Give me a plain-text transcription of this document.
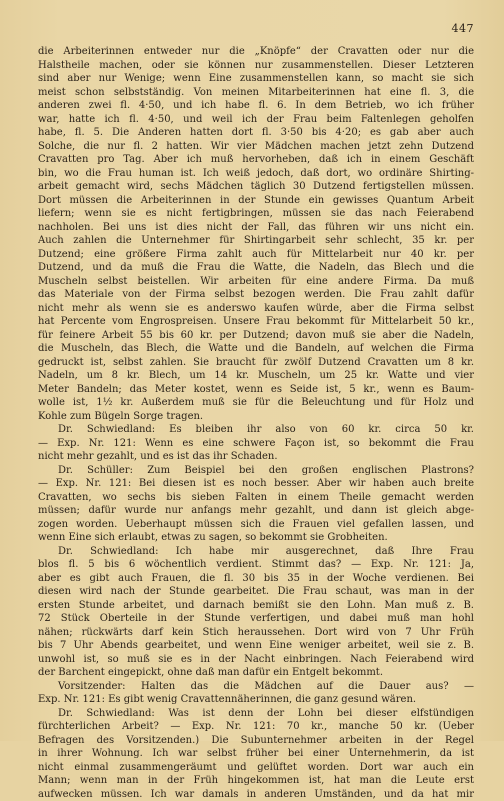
447
die Arbeiterinnen entweder nur die „Knöpfe“ der Cravatten oder nur die
Halstheile machen, oder sie können nur zusammenstellen. Dieser Letzteren
sind aber nur Wenige; wenn Eine zusammenstellen kann, so macht sie sich
meist schon selbstständig. Von meinen Mitarbeiterinnen hat eine fl. 3, die
anderen zwei fl. 4·50, und ich habe fl. 6. In dem Betrieb, wo ich früher
war, hatte ich fl. 4·50, und weil ich der Frau beim Faltenlegen geholfen
habe, fl. 5. Die Anderen hatten dort fl. 3·50 bis 4·20; es gab aber auch
Solche, die nur fl. 2 hatten. Wir vier Mädchen machen jetzt zehn Dutzend
Cravatten pro Tag. Aber ich muß hervorheben, daß ich in einem Geschäft
bin, wo die Frau human ist. Ich weiß jedoch, daß dort, wo ordinäre Shirting-
arbeit gemacht wird, sechs Mädchen täglich 30 Dutzend fertigstellen müssen.
Dort müssen die Arbeiterinnen in der Stunde ein gewisses Quantum Arbeit
liefern; wenn sie es nicht fertigbringen, müssen sie das nach Feierabend
nachholen. Bei uns ist dies nicht der Fall, das führen wir uns nicht ein.
Auch zahlen die Unternehmer für Shirtingarbeit sehr schlecht, 35 kr. per
Dutzend; eine größere Firma zahlt auch für Mittelarbeit nur 40 kr. per
Dutzend, und da muß die Frau die Watte, die Nadeln, das Blech und die
Muscheln selbst beistellen. Wir arbeiten für eine andere Firma. Da muß
das Materiale von der Firma selbst bezogen werden. Die Frau zahlt dafür
nicht mehr als wenn sie es anderswo kaufen würde, aber die Firma selbst
hat Percente vom Engrospreisen. Unsere Frau bekommt für Mittelarbeit 50 kr.,
für feinere Arbeit 55 bis 60 kr. per Dutzend; davon muß sie aber die Nadeln,
die Muscheln, das Blech, die Watte und die Bandeln, auf welchen die Firma
gedruckt ist, selbst zahlen. Sie braucht für zwölf Dutzend Cravatten um 8 kr.
Nadeln, um 8 kr. Blech, um 14 kr. Muscheln, um 25 kr. Watte und vier
Meter Bandeln; das Meter kostet, wenn es Seide ist, 5 kr., wenn es Baum-
wolle ist, 1½ kr. Außerdem muß sie für die Beleuchtung und für Holz und
Kohle zum Bügeln Sorge tragen.
Dr. Schwiedland: Es bleiben ihr also von 60 kr. circa 50 kr.
— Exp. Nr. 121: Wenn es eine schwere Façon ist, so bekommt die Frau
nicht mehr gezahlt, und es ist das ihr Schaden.
Dr. Schüller: Zum Beispiel bei den großen englischen Plastrons?
— Exp. Nr. 121: Bei diesen ist es noch besser. Aber wir haben auch breite
Cravatten, wo sechs bis sieben Falten in einem Theile gemacht werden
müssen; dafür wurde nur anfangs mehr gezahlt, und dann ist gleich abge-
zogen worden. Ueberhaupt müssen sich die Frauen viel gefallen lassen, und
wenn Eine sich erlaubt, etwas zu sagen, so bekommt sie Grobheiten.
Dr. Schwiedland: Ich habe mir ausgerechnet, daß Ihre Frau
blos fl. 5 bis 6 wöchentlich verdient. Stimmt das? — Exp. Nr. 121: Ja,
aber es gibt auch Frauen, die fl. 30 bis 35 in der Woche verdienen. Bei
diesen wird nach der Stunde gearbeitet. Die Frau schaut, was man in der
ersten Stunde arbeitet, und darnach bemißt sie den Lohn. Man muß z. B.
72 Stück Oberteile in der Stunde verfertigen, und dabei muß man hohl
nähen; rückwärts darf kein Stich heraussehen. Dort wird von 7 Uhr Früh
bis 7 Uhr Abends gearbeitet, und wenn Eine weniger arbeitet, weil sie z. B.
unwohl ist, so muß sie es in der Nacht einbringen. Nach Feierabend wird
der Barchent eingepickt, ohne daß man dafür ein Entgelt bekommt.
Vorsitzender: Halten das die Mädchen auf die Dauer aus? —
Exp. Nr. 121: Es gibt wenig Cravattennäherinnen, die ganz gesund wären.
Dr. Schwiedland: Was ist denn der Lohn bei dieser elfstündigen
fürchterlichen Arbeit? — Exp. Nr. 121: 70 kr., manche 50 kr. (Ueber
Befragen des Vorsitzenden.) Die Subunternehmer arbeiten in der Regel
in ihrer Wohnung. Ich war selbst früher bei einer Unternehmerin, da ist
nicht einmal zusammengeräumt und gelüftet worden. Dort war auch ein
Mann; wenn man in der Früh hingekommen ist, hat man die Leute erst
aufwecken müssen. Ich war damals in anderen Umständen, und da hat mir
